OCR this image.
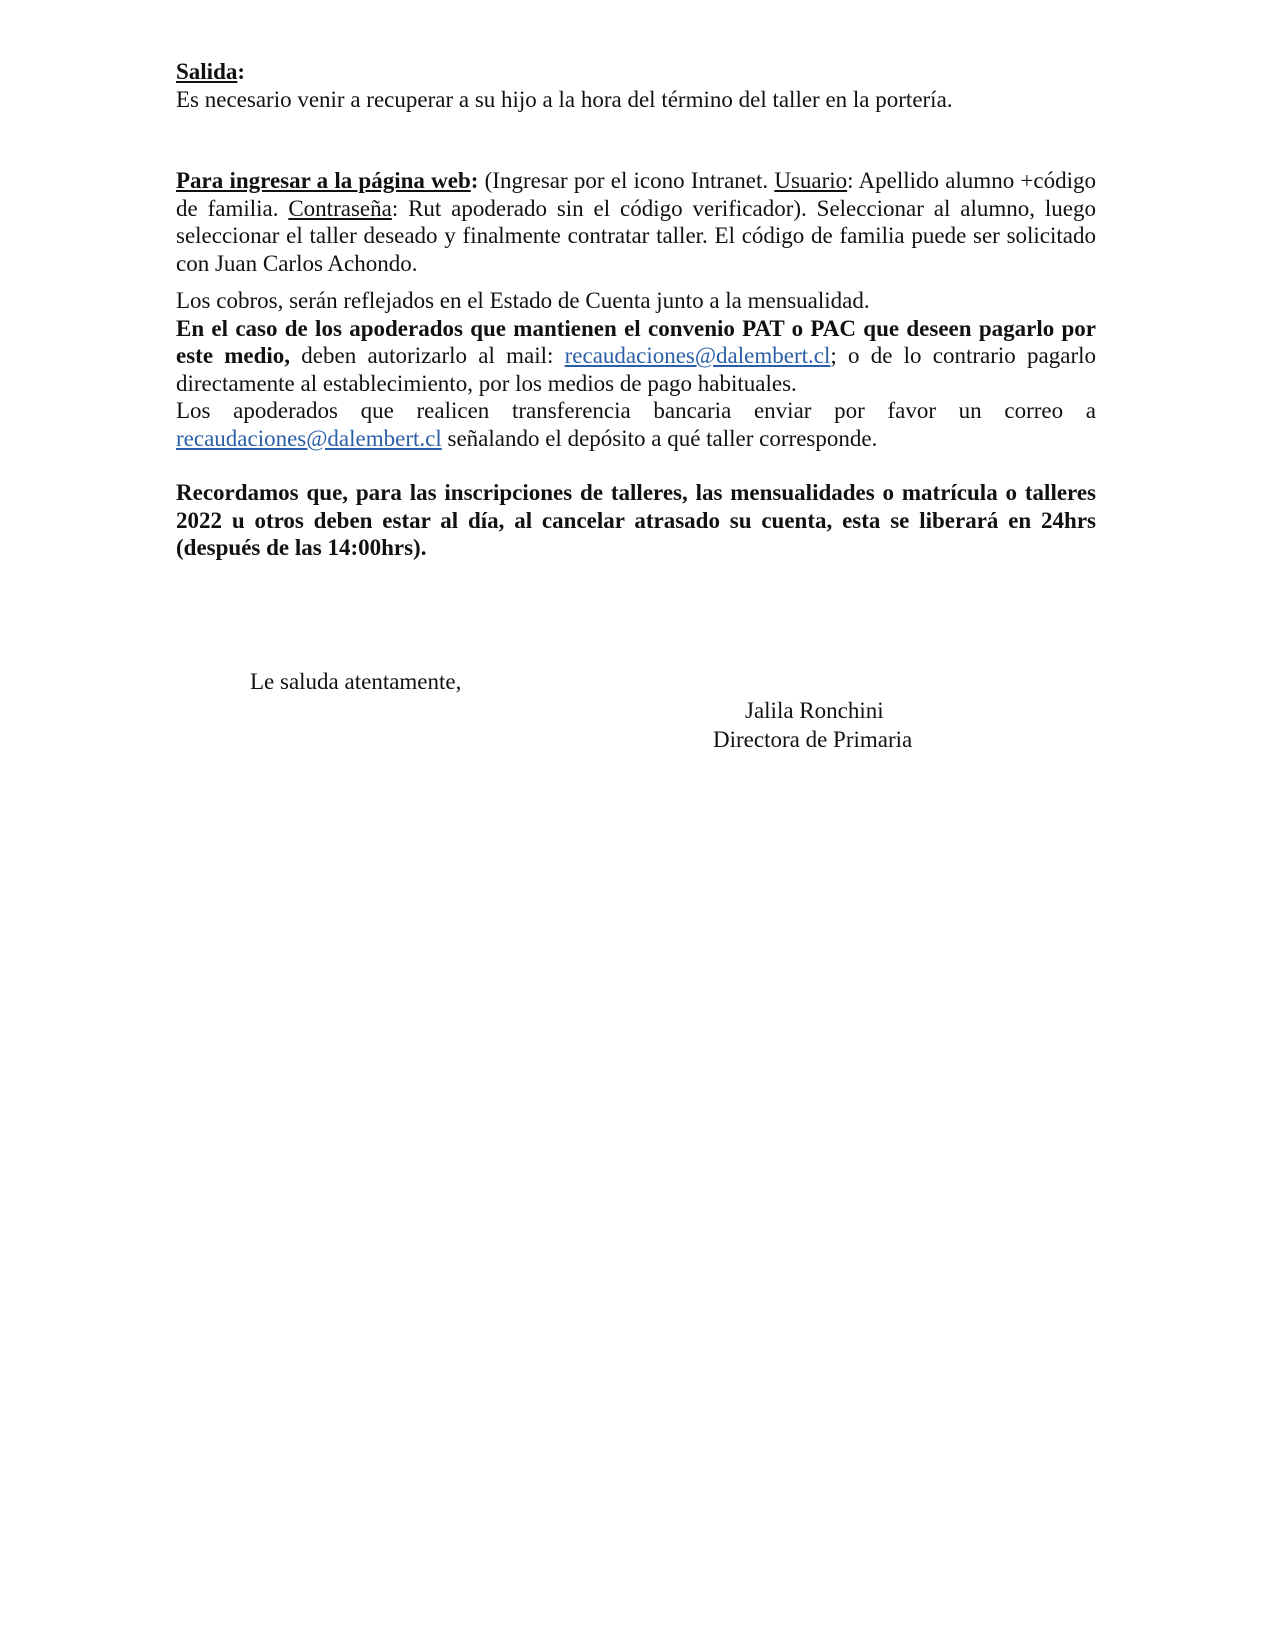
Salida:

Es necesario venir a recuperar a su hijo a la hora del término del taller en la portería.

Para ingresar a la página web: (Ingresar por el icono Intranet. Usuario: Apellido alumno +código de familia. Contraseña: Rut apoderado sin el código verificador). Seleccionar al alumno, luego seleccionar el taller deseado y finalmente contratar taller. El código de familia puede ser solicitado con Juan Carlos Achondo.

Los cobros, serán reflejados en el Estado de Cuenta junto a la mensualidad.

En el caso de los apoderados que mantienen el convenio PAT o PAC que deseen pagarlo por este medio, deben autorizarlo al mail: recaudaciones@dalembert.cl; o de lo contrario pagarlo directamente al establecimiento, por los medios de pago habituales.

Los apoderados que realicen transferencia bancaria enviar por favor un correo a recaudaciones@dalembert.cl señalando el depósito a qué taller corresponde.

Recordamos que, para las inscripciones de talleres, las mensualidades o matrícula o talleres 2022 u otros deben estar al día, al cancelar atrasado su cuenta, esta se liberará en 24hrs (después de las 14:00hrs).

Le saluda atentamente,
Jalila Ronchini
Directora de Primaria
